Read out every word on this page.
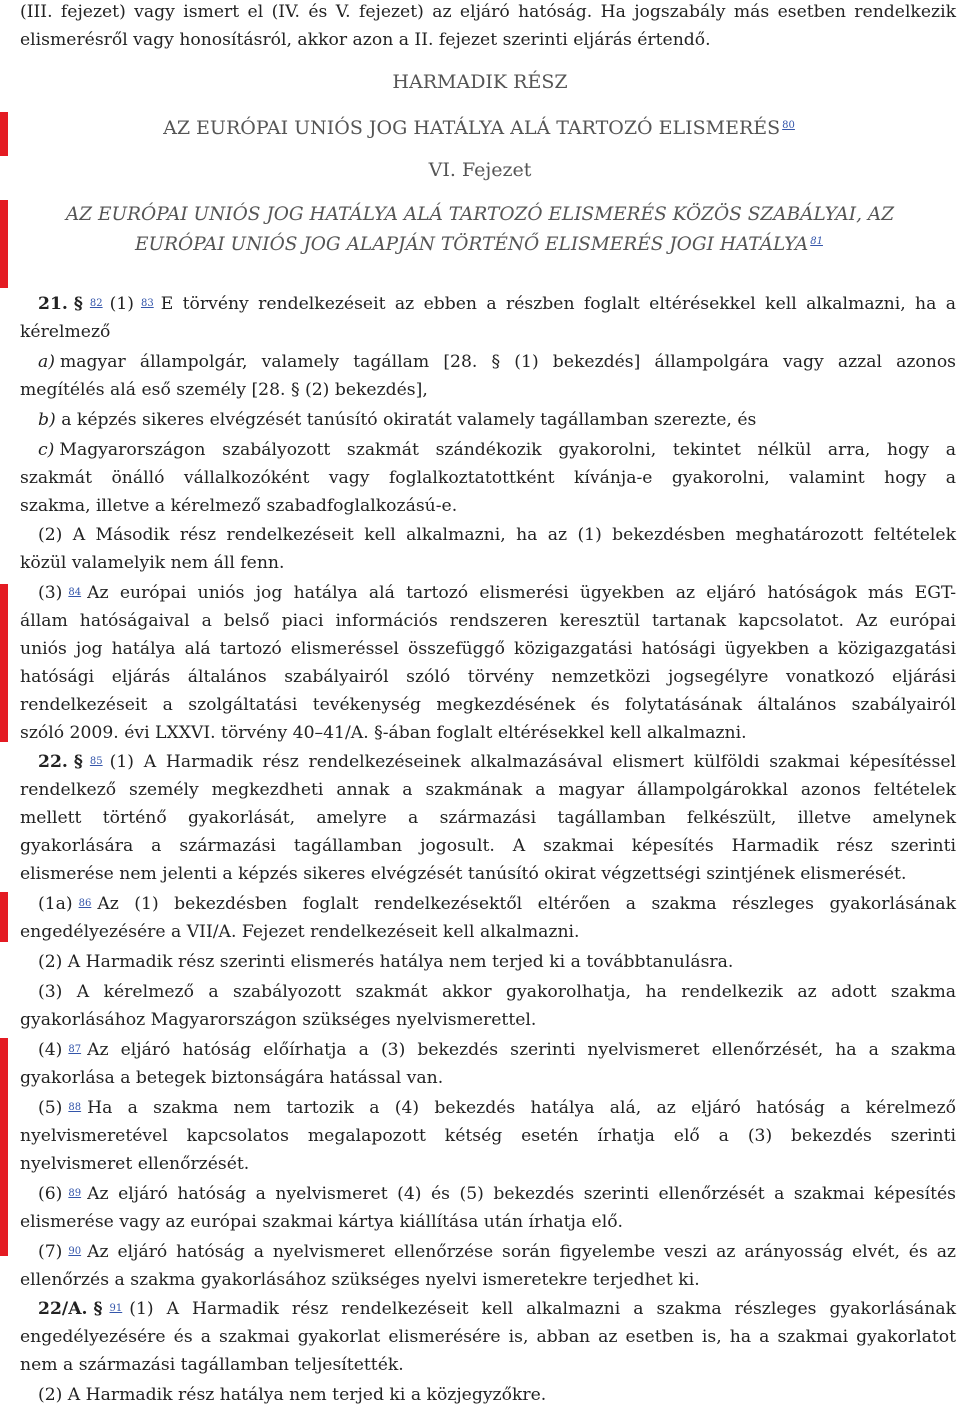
(III. fejezet) vagy ismert el (IV. és V. fejezet) az eljáró hatóság. Ha jogszabály más esetben rendelkezik
elismerésről vagy honosításról, akkor azon a II. fejezet szerinti eljárás értendő.
HARMADIK RÉSZ
AZ EURÓPAI UNIÓS JOG HATÁLYA ALÁ TARTOZÓ ELISMERÉS $^{80}$
VI. Fejezet
AZ EURÓPAI UNIÓS JOG HATÁLYA ALÁ TARTOZÓ ELISMERÉS KÖZÖS SZABÁLYAI, AZ
EURÓPAI UNIÓS JOG ALAPJÁN TÖRTÉNŐ ELISMERÉS JOGI HATÁLYA $^{81}$
21. § 82 (1) 83 E törvény rendelkezéseit az ebben a részben foglalt eltérésekkel kell alkalmazni, ha a
kérelmező
a) magyar állampolgár, valamely tagállam [28. § (1) bekezdés] állampolgára vagy azzal azonos
megítélés alá eső személy [28. § (2) bekezdés],
b) a képzés sikeres elvégzését tanúsító okiratát valamely tagállamban szerezte, és
c) Magyarországon szabályozott szakmát szándékozik gyakorolni, tekintet nélkül arra, hogy a
szakmát önálló vállalkozóként vagy foglalkoztatottként kívánja-e gyakorolni, valamint hogy a
szakma, illetve a kérelmező szabadfoglalkozású-e.
(2) A Második rész rendelkezéseit kell alkalmazni, ha az (1) bekezdésben meghatározott feltételek
közül valamelyik nem áll fenn.
(3) 84 Az európai uniós jog hatálya alá tartozó elismerési ügyekben az eljáró hatóságok más EGT-
állam hatóságaival a belső piaci információs rendszeren keresztül tartanak kapcsolatot. Az európai
uniós jog hatálya alá tartozó elismeréssel összefüggő közigazgatási hatósági ügyekben a közigazgatási
hatósági eljárás általános szabályairól szóló törvény nemzetközi jogsegélyre vonatkozó eljárási
rendelkezéseit a szolgáltatási tevékenység megkezdésének és folytatásának általános szabályairól
szóló 2009. évi LXXVI. törvény 40–41/A. §-ában foglalt eltérésekkel kell alkalmazni.
22. § 85 (1) A Harmadik rész rendelkezéseinek alkalmazásával elismert külföldi szakmai képesítéssel
rendelkező személy megkezdheti annak a szakmának a magyar állampolgárokkal azonos feltételek
mellett történő gyakorlását, amelyre a származási tagállamban felkészült, illetve amelynek
gyakorlására a származási tagállamban jogosult. A szakmai képesítés Harmadik rész szerinti
elismerése nem jelenti a képzés sikeres elvégzését tanúsító okirat végzettségi szintjének elismerését.
(1a) 86 Az (1) bekezdésben foglalt rendelkezésektől eltérően a szakma részleges gyakorlásának
engedélyezésére a VII/A. Fejezet rendelkezéseit kell alkalmazni.
(2) A Harmadik rész szerinti elismerés hatálya nem terjed ki a továbbtanulásra.
(3) A kérelmező a szabályozott szakmát akkor gyakorolhatja, ha rendelkezik az adott szakma
gyakorlásához Magyarországon szükséges nyelvismerettel.
(4) 87 Az eljáró hatóság előírhatja a (3) bekezdés szerinti nyelvismeret ellenőrzését, ha a szakma
gyakorlása a betegek biztonságára hatással van.
(5) 88 Ha a szakma nem tartozik a (4) bekezdés hatálya alá, az eljáró hatóság a kérelmező
nyelvismeretével kapcsolatos megalapozott kétség esetén írhatja elő a (3) bekezdés szerinti
nyelvismeret ellenőrzését.
(6) 89 Az eljáró hatóság a nyelvismeret (4) és (5) bekezdés szerinti ellenőrzését a szakmai képesítés
elismerése vagy az európai szakmai kártya kiállítása után írhatja elő.
(7) 90 Az eljáró hatóság a nyelvismeret ellenőrzése során figyelembe veszi az arányosság elvét, és az
ellenőrzés a szakma gyakorlásához szükséges nyelvi ismeretekre terjedhet ki.
22/A. § 91 (1) A Harmadik rész rendelkezéseit kell alkalmazni a szakma részleges gyakorlásának
engedélyezésére és a szakmai gyakorlat elismerésére is, abban az esetben is, ha a szakmai gyakorlatot
nem a származási tagállamban teljesítették.
(2) A Harmadik rész hatálya nem terjed ki a közjegyzőkre.
